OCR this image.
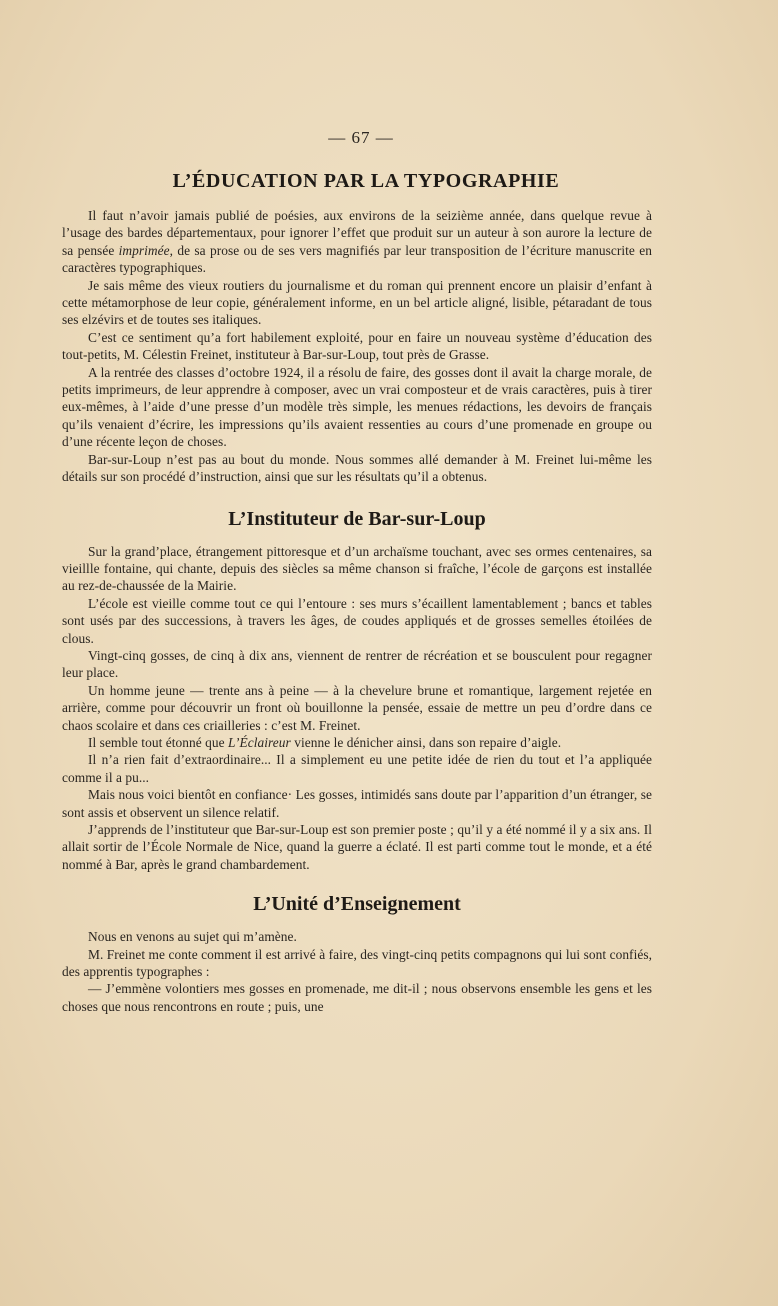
— 67 —
L’ÉDUCATION PAR LA TYPOGRAPHIE

Il faut n’avoir jamais publié de poésies, aux environs de la seizième année, dans quelque revue à l’usage des bardes départementaux, pour ignorer l’effet que produit sur un auteur à son aurore la lecture de sa pensée imprimée, de sa prose ou de ses vers magnifiés par leur transposition de l’écriture manuscrite en caractères typographiques.

Je sais même des vieux routiers du journalisme et du roman qui prennent encore un plaisir d’enfant à cette métamorphose de leur copie, généralement informe, en un bel article aligné, lisible, pétaradant de tous ses elzévirs et de toutes ses italiques.

C’est ce sentiment qu’a fort habilement exploité, pour en faire un nouveau système d’éducation des tout-petits, M. Célestin Freinet, instituteur à Bar-sur-Loup, tout près de Grasse.

A la rentrée des classes d’octobre 1924, il a résolu de faire, des gosses dont il avait la charge morale, de petits imprimeurs, de leur apprendre à composer, avec un vrai composteur et de vrais caractères, puis à tirer eux-mêmes, à l’aide d’une presse d’un modèle très simple, les menues rédactions, les devoirs de français qu’ils venaient d’écrire, les impressions qu’ils avaient ressenties au cours d’une promenade en groupe ou d’une récente leçon de choses.

Bar-sur-Loup n’est pas au bout du monde. Nous sommes allé demander à M. Freinet lui-même les détails sur son procédé d’instruction, ainsi que sur les résultats qu’il a obtenus.

L’Instituteur de Bar-sur-Loup

Sur la grand’place, étrangement pittoresque et d’un archaïsme touchant, avec ses ormes centenaires, sa vieillle fontaine, qui chante, depuis des siècles sa même chanson si fraîche, l’école de garçons est installée au rez-de-chaussée de la Mairie.

L’école est vieille comme tout ce qui l’entoure : ses murs s’écaillent lamentablement ; bancs et tables sont usés par des successions, à travers les âges, de coudes appliqués et de grosses semelles étoilées de clous.

Vingt-cinq gosses, de cinq à dix ans, viennent de rentrer de récréation et se bousculent pour regagner leur place.

Un homme jeune — trente ans à peine — à la chevelure brune et romantique, largement rejetée en arrière, comme pour découvrir un front où bouillonne la pensée, essaie de mettre un peu d’ordre dans ce chaos scolaire et dans ces criailleries : c’est M. Freinet.

Il semble tout étonné que L’Éclaireur vienne le dénicher ainsi, dans son repaire d’aigle.

Il n’a rien fait d’extraordinaire... Il a simplement eu une petite idée de rien du tout et l’a appliquée comme il a pu...

Mais nous voici bientôt en confiance· Les gosses, intimidés sans doute par l’apparition d’un étranger, se sont assis et observent un silence relatif.

J’apprends de l’instituteur que Bar-sur-Loup est son premier poste ; qu’il y a été nommé il y a six ans. Il allait sortir de l’École Normale de Nice, quand la guerre a éclaté. Il est parti comme tout le monde, et a été nommé à Bar, après le grand chambardement.

L’Unité d’Enseignement

Nous en venons au sujet qui m’amène.

M. Freinet me conte comment il est arrivé à faire, des vingt-cinq petits compagnons qui lui sont confiés, des apprentis typographes :

— J’emmène volontiers mes gosses en promenade, me dit-il ; nous observons ensemble les gens et les choses que nous rencontrons en route ; puis, une
